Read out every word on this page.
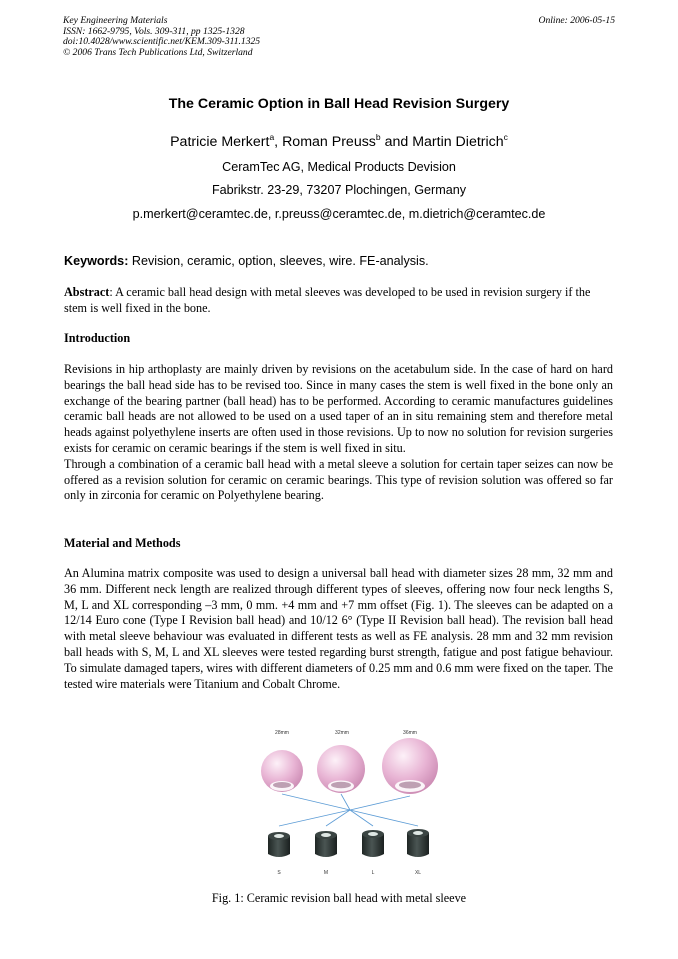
Key Engineering Materials
ISSN: 1662-9795, Vols. 309-311, pp 1325-1328
doi:10.4028/www.scientific.net/KEM.309-311.1325
© 2006 Trans Tech Publications Ltd, Switzerland
Online: 2006-05-15
The Ceramic Option in Ball Head Revision Surgery
Patricie Merkert$^a$, Roman Preuss$^b$ and Martin Dietrich$^c$
CeramTec AG, Medical Products Devision
Fabrikstr. 23-29, 73207 Plochingen, Germany
p.merkert@ceramtec.de, r.preuss@ceramtec.de, m.dietrich@ceramtec.de
Keywords: Revision, ceramic, option, sleeves, wire. FE-analysis.
Abstract: A ceramic ball head design with metal sleeves was developed to be used in revision surgery if the stem is well fixed in the bone.
Introduction

Revisions in hip arthoplasty are mainly driven by revisions on the acetabulum side. In the case of hard on hard bearings the ball head side has to be revised too. Since in many cases the stem is well fixed in the bone only an exchange of the bearing partner (ball head) has to be performed. According to ceramic manufactures guidelines ceramic ball heads are not allowed to be used on a used taper of an in situ remaining stem and therefore metal heads against polyethylene inserts are often used in those revisions. Up to now no solution for revision surgeries exists for ceramic on ceramic bearings if the stem is well fixed in situ.

Through a combination of a ceramic ball head with a metal sleeve a solution for certain taper seizes can now be offered as a revision solution for ceramic on ceramic bearings. This type of revision solution was offered so far only in zirconia for ceramic on Polyethylene bearing.

Material and Methods

An Alumina matrix composite was used to design a universal ball head with diameter sizes 28 mm, 32 mm and 36 mm. Different neck length are realized through different types of sleeves, offering now four neck lengths S, M, L and XL corresponding –3 mm, 0 mm. +4 mm and +7 mm offset (Fig. 1). The sleeves can be adapted on a 12/14 Euro cone (Type I Revision ball head) and 10/12 6° (Type II Revision ball head). The revision ball head with metal sleeve behaviour was evaluated in different tests as well as FE analysis. 28 mm and 32 mm revision ball heads with S, M, L and XL sleeves were tested regarding burst strength, fatigue and post fatigue behaviour. To simulate damaged tapers, wires with different diameters of 0.25 mm and 0.6 mm were fixed on the taper. The tested wire materials were Titanium and Cobalt Chrome.

28mm	32mm	36mm
S	M	L	XL
Fig. 1: Ceramic revision ball head with metal sleeve
